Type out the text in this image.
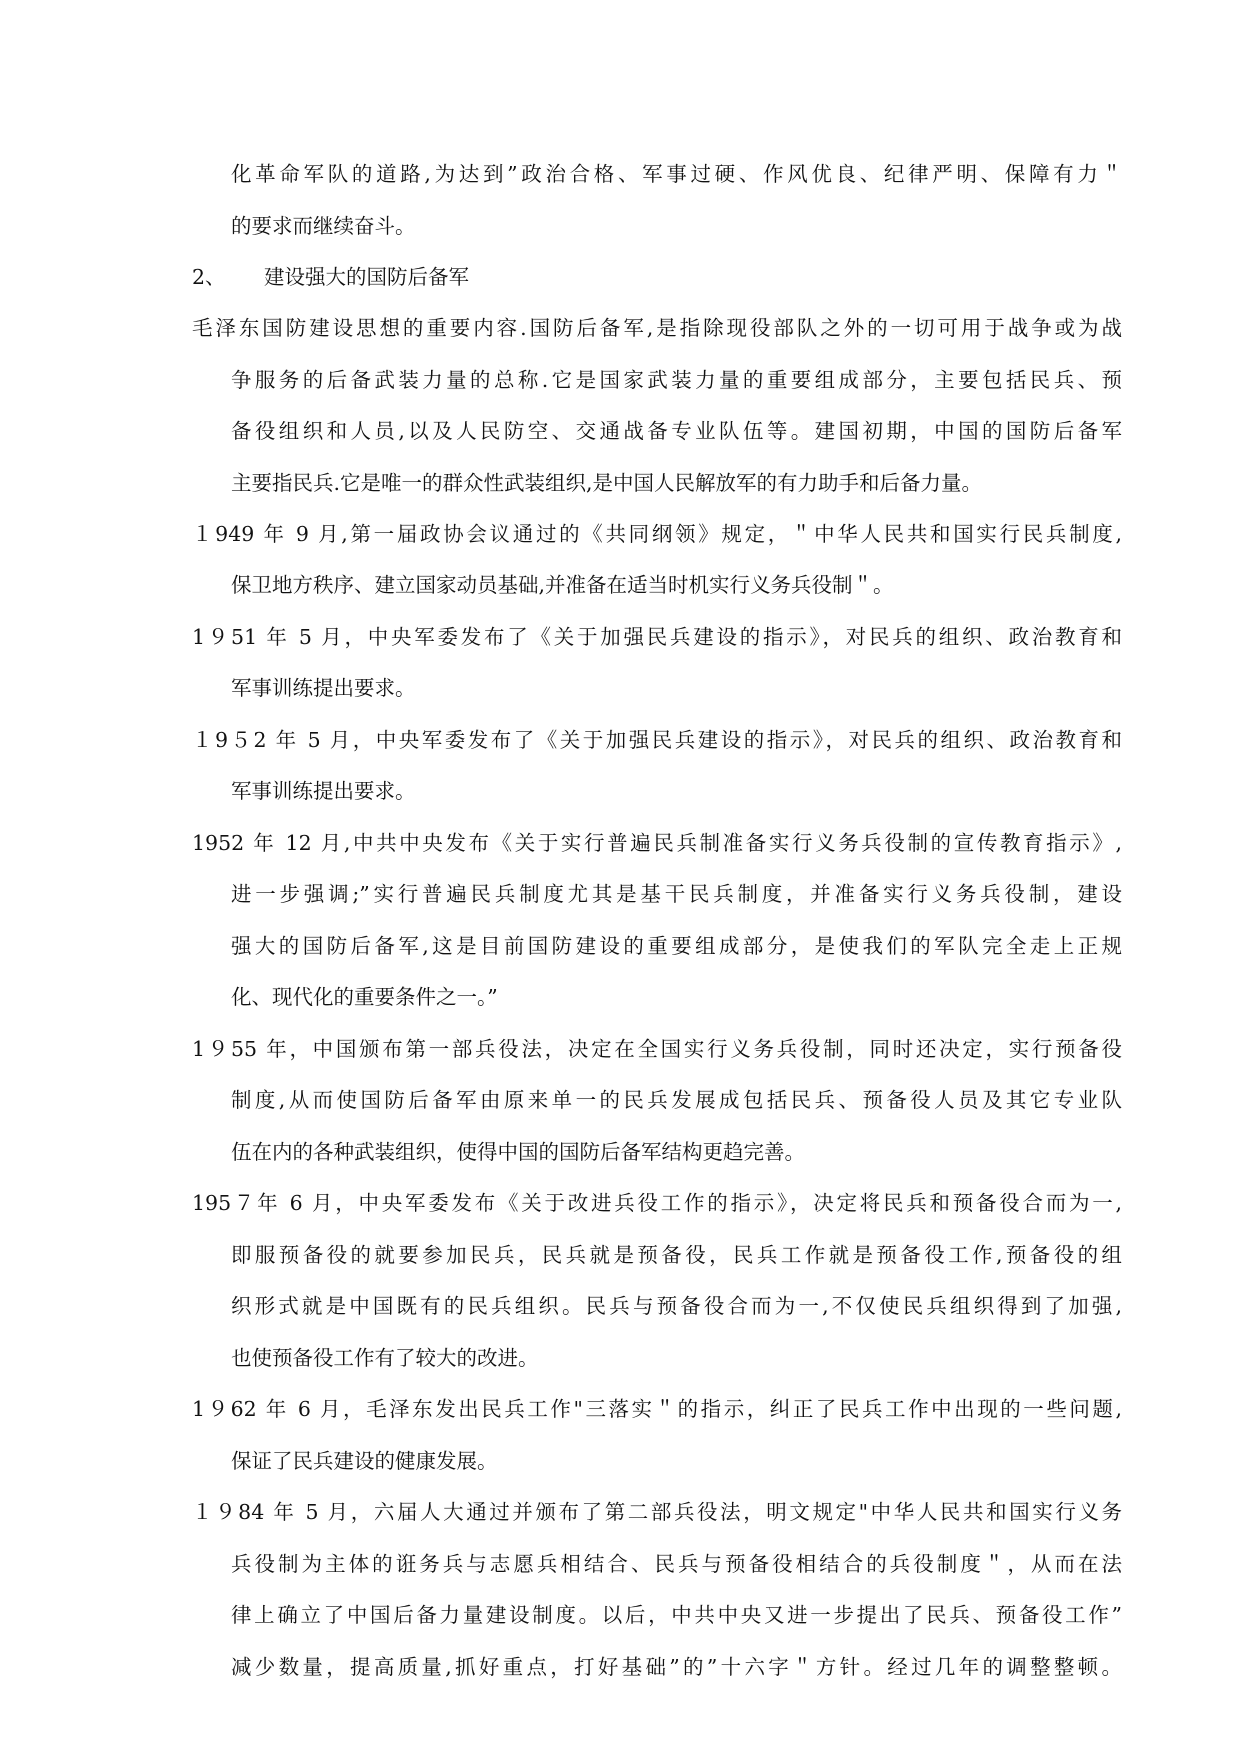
化革命军队的道路,为达到”政治合格、军事过硬、作风优良、纪律严明、保障有力＂
的要求而继续奋斗。
2、 建设强大的国防后备军
毛泽东国防建设思想的重要内容.国防后备军,是指除现役部队之外的一切可用于战争或为战
争服务的后备武装力量的总称.它是国家武装力量的重要组成部分，主要包括民兵、预
备役组织和人员,以及人民防空、交通战备专业队伍等。建国初期，中国的国防后备军
主要指民兵.它是唯一的群众性武装组织,是中国人民解放军的有力助手和后备力量。
１949 年 9 月,第一届政协会议通过的《共同纲领》规定，＂中华人民共和国实行民兵制度,
保卫地方秩序、建立国家动员基础,并准备在适当时机实行义务兵役制＂。
1９51 年 5 月，中央军委发布了《关于加强民兵建设的指示》，对民兵的组织、政治教育和
军事训练提出要求。
１9５2 年 5 月，中央军委发布了《关于加强民兵建设的指示》，对民兵的组织、政治教育和
军事训练提出要求。
1952 年 12 月,中共中央发布《关于实行普遍民兵制准备实行义务兵役制的宣传教育指示》,
进一步强调;”实行普遍民兵制度尤其是基干民兵制度，并准备实行义务兵役制，建设
强大的国防后备军,这是目前国防建设的重要组成部分，是使我们的军队完全走上正规
化、现代化的重要条件之一。”
1９55 年，中国颁布第一部兵役法，决定在全国实行义务兵役制，同时还决定，实行预备役
制度,从而使国防后备军由原来单一的民兵发展成包括民兵、预备役人员及其它专业队
伍在内的各种武装组织，使得中国的国防后备军结构更趋完善。
195７年 6 月，中央军委发布《关于改进兵役工作的指示》，决定将民兵和预备役合而为一,
即服预备役的就要参加民兵，民兵就是预备役，民兵工作就是预备役工作,预备役的组
织形式就是中国既有的民兵组织。民兵与预备役合而为一,不仅使民兵组织得到了加强,
也使预备役工作有了较大的改进。
1９62 年 6 月，毛泽东发出民兵工作"三落实＂的指示，纠正了民兵工作中出现的一些问题,
保证了民兵建设的健康发展。
１９84 年 5 月，六届人大通过并颁布了第二部兵役法，明文规定"中华人民共和国实行义务
兵役制为主体的诳务兵与志愿兵相结合、民兵与预备役相结合的兵役制度＂，从而在法
律上确立了中国后备力量建设制度。以后，中共中央又进一步提出了民兵、预备役工作”
减少数量，提高质量,抓好重点，打好基础”的”十六字＂方针。经过几年的调整整顿。
